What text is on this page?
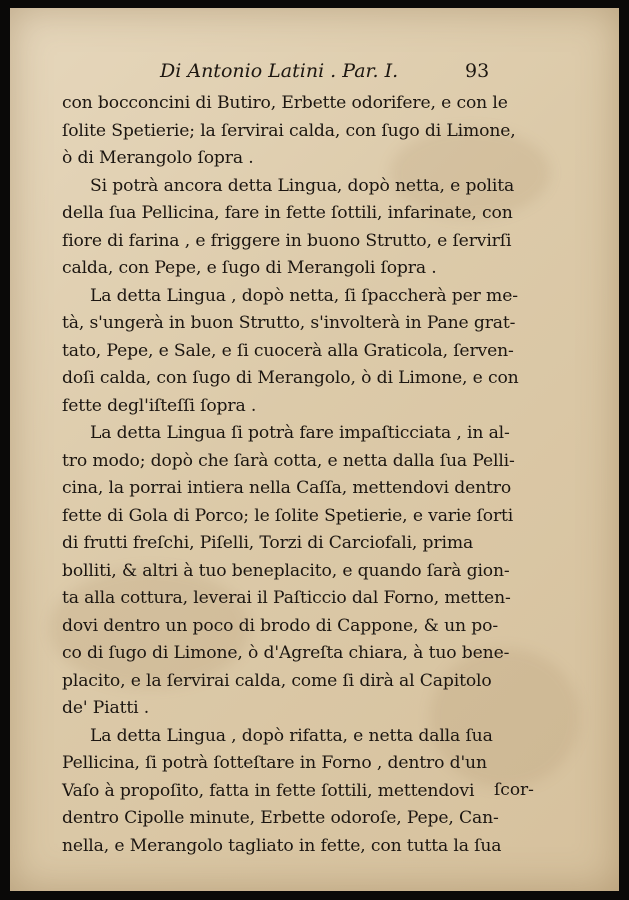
Di Antonio Latini . Par. I.	93
con bocconcini di Butiro, Erbette odorifere, e con le
ſolite Spetierie; la ſervirai calda, con ſugo di Limone,
ò di Merangolo ſopra .
Si potrà ancora detta Lingua, dopò netta, e polita
della ſua Pellicina, fare in fette ſottili, infarinate, con
fiore di farina , e friggere in buono Strutto, e ſervirſi
calda, con Pepe, e ſugo di Merangoli ſopra .
La detta Lingua , dopò netta, ſi ſpaccherà per me-
tà, s'ungerà in buon Strutto, s'involterà in Pane grat-
tato, Pepe, e Sale, e ſi cuocerà alla Graticola, ſerven-
doſi calda, con ſugo di Merangolo, ò di Limone, e con
fette degl'iſteſſi ſopra .
La detta Lingua ſi potrà fare impaſticciata , in al-
tro modo; dopò che ſarà cotta, e netta dalla ſua Pelli-
cina, la porrai intiera nella Caſſa, mettendovi dentro
fette di Gola di Porco; le ſolite Spetierie, e varie ſorti
di frutti freſchi, Piſelli, Torzi di Carciofali, prima
bolliti, & altri à tuo beneplacito, e quando ſarà gion-
ta alla cottura, leverai il Paſticcio dal Forno, metten-
dovi dentro un poco di brodo di Cappone, & un po-
co di ſugo di Limone, ò d'Agreſta chiara, à tuo bene-
placito, e la ſervirai calda, come ſi dirà al Capitolo
de' Piatti .
La detta Lingua , dopò rifatta, e netta dalla ſua
Pellicina, ſi potrà ſotteſtare in Forno , dentro d'un
Vaſo à propoſito, fatta in fette ſottili, mettendovi
dentro Cipolle minute, Erbette odoroſe, Pepe, Can-
nella, e Merangolo tagliato in fette, con tutta la ſua
ſcor-
